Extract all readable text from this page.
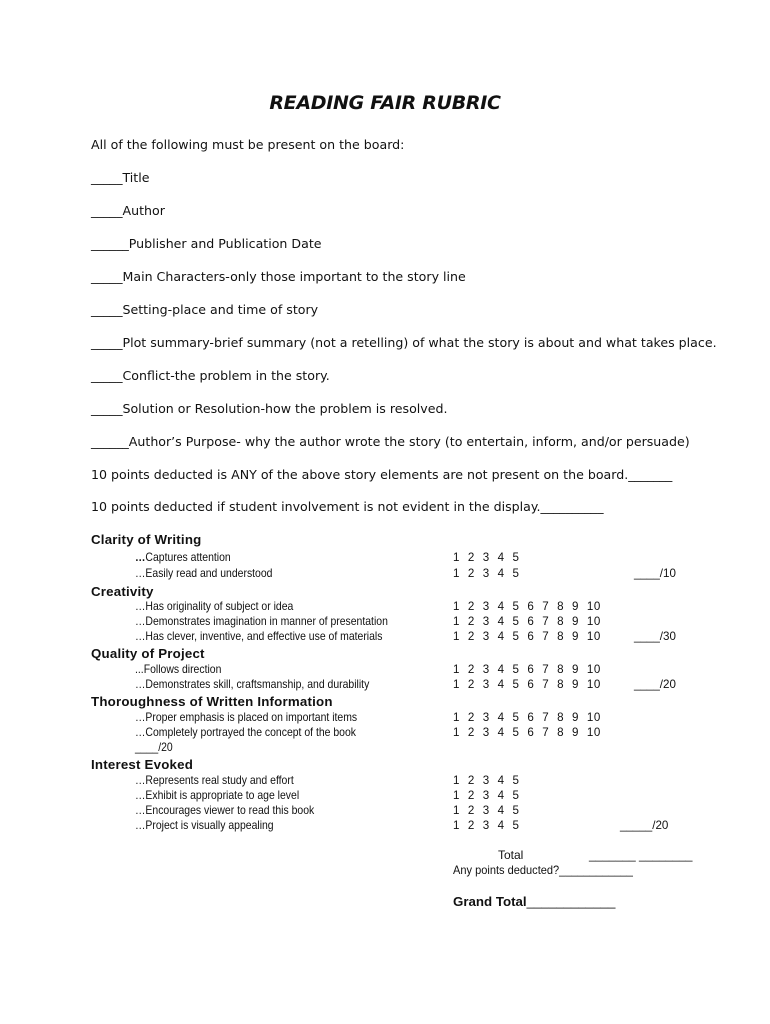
READING FAIR RUBRIC
All of the following must be present on the board:
_____Title
_____Author
______Publisher and Publication Date
_____Main Characters-only those important to the story line
_____Setting-place and time of story
_____Plot summary-brief summary (not a retelling) of what the story is about and what takes place.
_____Conflict-the problem in the story.
_____Solution or Resolution-how the problem is resolved.
______Author’s Purpose- why the author wrote the story (to entertain, inform, and/or persuade)
10 points deducted is ANY of the above story elements are not present on the board._______
10 points deducted if student involvement is not evident in the display.__________
Clarity of Writing
…Captures attention	1 2 3 4 5
…Easily read and understood	1 2 3 4 5	____/10
Creativity
…Has originality of subject or idea	1 2 3 4 5 6 7 8 9 10
…Demonstrates imagination in manner of presentation	1 2 3 4 5 6 7 8 9 10
…Has clever, inventive, and effective use of materials	1 2 3 4 5 6 7 8 9 10	____/30
Quality of Project
...Follows direction	1 2 3 4 5 6 7 8 9 10
…Demonstrates skill, craftsmanship, and durability	1 2 3 4 5 6 7 8 9 10	____/20
Thoroughness of Written Information
…Proper emphasis is placed on important items	1 2 3 4 5 6 7 8 9 10
…Completely portrayed the concept of the book	1 2 3 4 5 6 7 8 9 10
____/20
Interest Evoked
…Represents real study and effort	1 2 3 4 5
…Exhibit is appropriate to age level	1 2 3 4 5
…Encourages viewer to read this book	1 2 3 4 5
…Project is visually appealing	1 2 3 4 5	_____/20
Total	_______ ________
Any points deducted?____________
Grand Total____________
